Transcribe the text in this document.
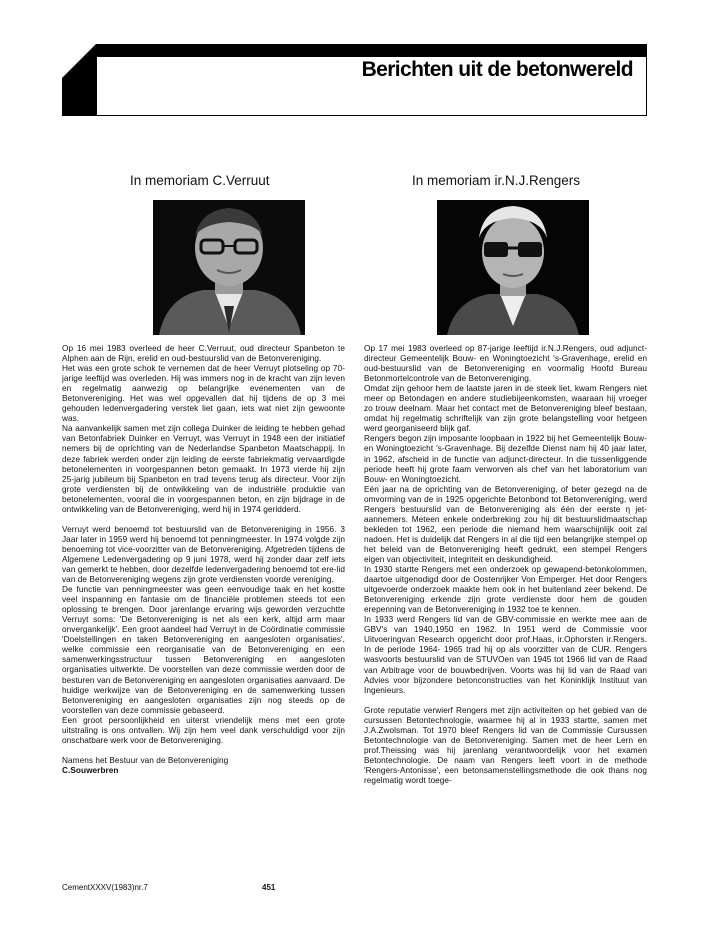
Berichten uit de betonwereld
In memoriam C.Verruut	In memoriam ir.N.J.Rengers

Op 16 mei 1983 overleed de heer C.Verruut, oud directeur Spanbeton te Alphen aan de Rijn, erelid en oud-bestuurslid van de Betonvereniging.

Het was een grote schok te vernemen dat de heer Verruyt plotseling op 70-jarige leeftijd was overleden. Hij was immers nog in de kracht van zijn leven en regelmatig aanwezig op belangrijke evenementen van de Betonvereniging. Het was wel opgevallen dat hij tijdens de op 3 mei gehouden ledenvergadering verstek liet gaan, iets wat niet zijn gewoonte was.

Na aanvankelijk samen met zijn collega Duinker de leiding te hebben gehad van Betonfabriek Duinker en Verruyt, was Verruyt in 1948 een der initiatief nemers bij de oprichting van de Nederlandse Spanbeton Maatschappij. In deze fabriek werden onder zijn leiding de eerste fabriekmatig vervaardigde betonelementen in voorgespannen beton gemaakt. In 1973 vierde hij zijn 25-jarig jubileum bij Spanbeton en trad tevens terug als directeur. Voor zijn grote verdiensten bij de ontwikkeling van de industriële produktie van betonelementen, vooral die in voorgespannen beton, en zijn bijdrage in de ontwikkeling van de Betonvereniging, werd hij in 1974 geridderd.

Verruyt werd benoemd tot bestuurslid van de Betonvereniging in 1956. 3 Jaar later in 1959 werd hij benoemd tot penningmeester. In 1974 volgde zijn benoeming tot vice-voorzitter van de Betonvereniging. Afgetreden tijdens de Algemene Ledenvergadering op 9 juni 1978, werd hij zonder daar zelf iets van gemerkt te hebben, door dezelfde ledenvergadering benoemd tot ere-lid van de Betonvereniging wegens zijn grote verdiensten voorde vereniging.

De functie van penningmeester was geen eenvoudige taak en het kostte veel inspanning en fantasie om de financiële problemen steeds tot een oplossing te brengen. Door jarenlange ervaring wijs geworden verzuchtte Verruyt soms: 'De Betonvereniging is net als een kerk, altijd arm maar onvergankelijk'. Een groot aandeel had Verruyt in de Coördinatie commissie 'Doelstellingen en taken Betonvereniging en aangesloten organisaties', welke commissie een reorganisatie van de Betonvereniging en een samenwerkingsstructuur tussen Betonvereniging en aangesloten organisaties uitwerkte. De voorstellen van deze commissie werden door de besturen van de Betonvereniging en aangesloten organisaties aanvaard. De huidige werkwijze van de Betonvereniging en de samenwerking tussen Betonvereniging en aangesloten organisaties zijn nog steeds op de voorstellen van deze commissie gebaseerd.

Een groot persoonlijkheid en uiterst vriendelijk mens met een grote uitstraling is ons ontvallen. Wij zijn hem veel dank verschuldigd voor zijn onschatbare werk voor de Betonvereniging.

Namens het Bestuur van de Betonvereniging
C.Souwerbren

Op 17 mei 1983 overleed op 87-jarige leeftijd ir.N.J.Rengers, oud adjunct-directeur Gemeentelijk Bouw- en Woningtoezicht 's-Gravenhage, erelid en oud-bestuurslid van de Betonvereniging en voormalig Hoofd Bureau Betonmortelcontrole van de Betonvereniging.

Omdat zijn gehoor hem de laatste jaren in de steek liet, kwam Rengers niet meer op Betondagen en andere studiebijeenkomsten, waaraan hij vroeger zo trouw deelnam. Maar het contact met de Betonvereniging bleef bestaan, omdat hij regelmatig schriftelijk van zijn grote belangstelling voor hetgeen werd georganiseerd blijk gaf.

Rengers begon zijn imposante loopbaan in 1922 bij het Gemeentelijk Bouw- en Woningtoezicht 's-Gravenhage. Bij dezelfde Dienst nam hij 40 jaar later, in 1962, afscheid in de functie van adjunct-directeur. In die tussenliggende periode heeft hij grote faam verworven als chef van het laboratorium van Bouw- en Woningtoezicht.

Eén jaar na de oprichting van de Betonvereniging, of beter gezegd na de omvorming van de in 1925 opgerichte Betonbond tot Betonvereniging, werd Rengers bestuurslid van de Betonvereniging als één der eerste η jet-aannemers. Meteen enkele onderbreking zou hij dit bestuurslidmaatschap bekleden tot 1962, een periode die niemand hem waarschijnlijk ooit zal nadoen. Het is duidelijk dat Rengers in al die tijd een belangrijke stempel op het beleid van de Betonvereniging heeft gedrukt, een stempel Rengers eigen van objectiviteit, integriteit en deskundigheid.

In 1930 startte Rengers met een onderzoek op gewapend-betonkolommen, daartoe uitgenodigd door de Oostenrijker Von Emperger. Het door Rengers uitgevoerde onderzoek maakte hem ook in het buitenland zeer bekend. De Betonvereniging erkende zijn grote verdienste door hem de gouden erepenning van de Betonvereniging in 1932 toe te kennen.

In 1933 werd Rengers lid van de GBV-commissie en werkte mee aan de GBV's van 1940,1950 en 1962. In 1951 werd de Commissie voor Uitvoeringvan Research opgericht door prof.Haas, ir.Ophorsten ir.Rengers. In de periode 1964- 1965 trad hij op als voorzitter van de CUR. Rengers wasvoorts bestuurslid van de STUVOen van 1945 tot 1966 lid van de Raad van Arbitrage voor de bouwbedrijven. Voorts was hij lid van de Raad van Advies voor bijzondere betonconstructies van het Koninklijk Instituut van Ingenieurs.

Grote reputatie verwierf Rengers met zijn activiteiten op het gebied van de cursussen Betontechnologie, waarmee hij al in 1933 startte, samen met J.A.Zwolsman. Tot 1970 bleef Rengers lid van de Commissie Cursussen Betontechnologie van de Betonvereniging. Samen met de heer Lern en prof.Theissing was hij jarenlang verantwoordelijk voor het examen Betontechnologie. De naam van Rengers leeft voort in de methode 'Rengers-Antonisse', een betonsamenstellingsmethode die ook thans nog regelmatig wordt toege-

CementXXXV(1983)nr.7	451
